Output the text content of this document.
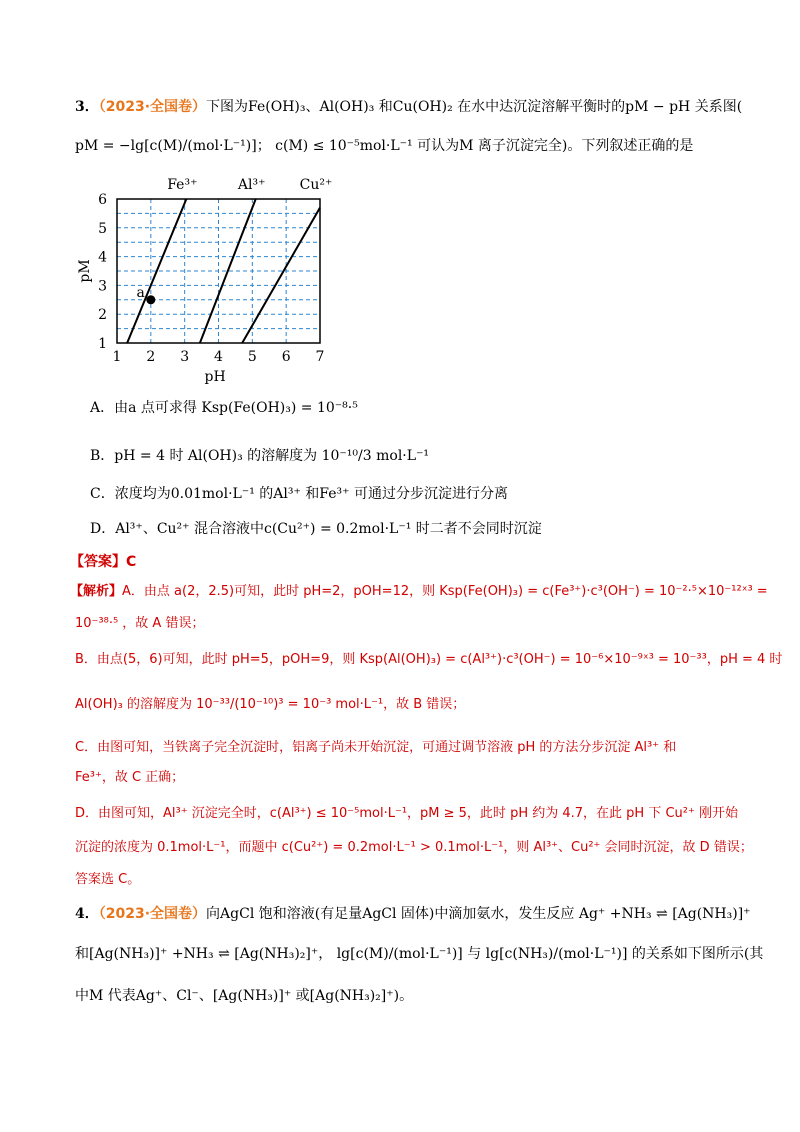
3．（2023·全国卷）下图为Fe(OH)₃、Al(OH)₃ 和Cu(OH)₂ 在水中达沉淀溶解平衡时的pM − pH 关系图(
pM = −lg[c(M)/(mol·L⁻¹)]； c(M) ≤ 10⁻⁵mol·L⁻¹ 可认为M 离子沉淀完全)。下列叙述正确的是
1 2 3 4 5 6 7
1
2
3
4
5
6
Fe³⁺	Al³⁺ Cu²⁺
a
pH
pM
A．由a 点可求得 Ksp(Fe(OH)₃) = 10⁻⁸·⁵
B．pH = 4 时 Al(OH)₃ 的溶解度为 10⁻¹⁰/3 mol·L⁻¹
C．浓度均为0.01mol·L⁻¹ 的Al³⁺ 和Fe³⁺ 可通过分步沉淀进行分离
D．Al³⁺、Cu²⁺ 混合溶液中c(Cu²⁺) = 0.2mol·L⁻¹ 时二者不会同时沉淀
【答案】C
【解析】A．由点 a(2，2.5)可知，此时 pH=2，pOH=12，则 Ksp(Fe(OH)₃) = c(Fe³⁺)·c³(OH⁻) = 10⁻²·⁵×10⁻¹²ˣ³ =
10⁻³⁸·⁵ ，故 A 错误；
B．由点(5，6)可知，此时 pH=5，pOH=9，则 Ksp(Al(OH)₃) = c(Al³⁺)·c³(OH⁻) = 10⁻⁶×10⁻⁹ˣ³ = 10⁻³³，pH = 4 时
Al(OH)₃ 的溶解度为 10⁻³³/(10⁻¹⁰)³ = 10⁻³ mol·L⁻¹，故 B 错误；
C．由图可知，当铁离子完全沉淀时，铝离子尚未开始沉淀，可通过调节溶液 pH 的方法分步沉淀 Al³⁺ 和
Fe³⁺，故 C 正确；
D．由图可知，Al³⁺ 沉淀完全时，c(Al³⁺) ≤ 10⁻⁵mol·L⁻¹，pM ≥ 5，此时 pH 约为 4.7，在此 pH 下 Cu²⁺ 刚开始
沉淀的浓度为 0.1mol·L⁻¹，而题中 c(Cu²⁺) = 0.2mol·L⁻¹ > 0.1mol·L⁻¹，则 Al³⁺、Cu²⁺ 会同时沉淀，故 D 错误；
答案选 C。
4．（2023·全国卷）向AgCl 饱和溶液(有足量AgCl 固体)中滴加氨水，发生反应 Ag⁺ +NH₃ ⇌ [Ag(NH₃)]⁺
和[Ag(NH₃)]⁺ +NH₃ ⇌ [Ag(NH₃)₂]⁺， lg[c(M)/(mol·L⁻¹)] 与 lg[c(NH₃)/(mol·L⁻¹)] 的关系如下图所示(其
中M 代表Ag⁺、Cl⁻、[Ag(NH₃)]⁺ 或[Ag(NH₃)₂]⁺)。
